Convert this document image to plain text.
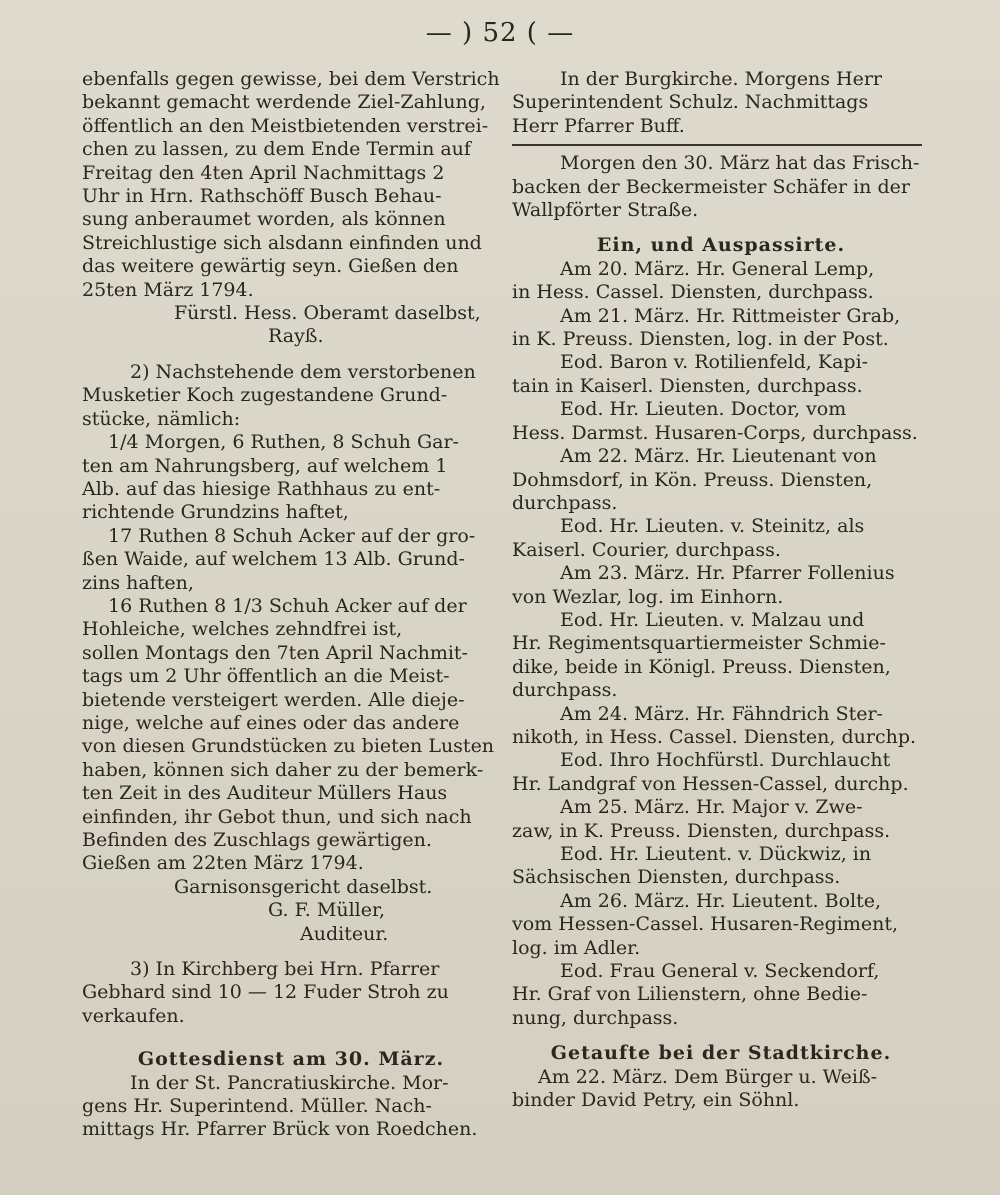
— ) 52 ( —

ebenfalls gegen gewisse, bei dem Verstrich

bekannt gemacht werdende Ziel-Zahlung,

öffentlich an den Meistbietenden verstrei-

chen zu lassen, zu dem Ende Termin auf

Freitag den 4ten April Nachmittags 2

Uhr in Hrn. Rathschöff Busch Behau-

sung anberaumet worden, als können

Streichlustige sich alsdann einfinden und

das weitere gewärtig seyn. Gießen den

25ten März 1794.

Fürstl. Hess. Oberamt daselbst,

Rayß.

2) Nachstehende dem verstorbenen

Musketier Koch zugestandene Grund-

stücke, nämlich:

1/4 Morgen, 6 Ruthen, 8 Schuh Gar-

ten am Nahrungsberg, auf welchem 1

Alb. auf das hiesige Rathhaus zu ent-

richtende Grundzins haftet,

17 Ruthen 8 Schuh Acker auf der gro-

ßen Waide, auf welchem 13 Alb. Grund-

zins haften,

16 Ruthen 8 1/3 Schuh Acker auf der

Hohleiche, welches zehndfrei ist,

sollen Montags den 7ten April Nachmit-

tags um 2 Uhr öffentlich an die Meist-

bietende versteigert werden. Alle dieje-

nige, welche auf eines oder das andere

von diesen Grundstücken zu bieten Lusten

haben, können sich daher zu der bemerk-

ten Zeit in des Auditeur Müllers Haus

einfinden, ihr Gebot thun, und sich nach

Befinden des Zuschlags gewärtigen.

Gießen am 22ten März 1794.

Garnisonsgericht daselbst.

G. F. Müller,

Auditeur.

3) In Kirchberg bei Hrn. Pfarrer

Gebhard sind 10 — 12 Fuder Stroh zu

verkaufen.

Gottesdienst am 30. März.

In der St. Pancratiuskirche. Mor-

gens Hr. Superintend. Müller. Nach-

mittags Hr. Pfarrer Brück von Roedchen.

In der Burgkirche. Morgens Herr

Superintendent Schulz. Nachmittags

Herr Pfarrer Buff.

Morgen den 30. März hat das Frisch-

backen der Beckermeister Schäfer in der

Wallpförter Straße.

Ein, und Auspassirte.

Am 20. März. Hr. General Lemp,

in Hess. Cassel. Diensten, durchpass.

Am 21. März. Hr. Rittmeister Grab,

in K. Preuss. Diensten, log. in der Post.

Eod. Baron v. Rotilienfeld, Kapi-

tain in Kaiserl. Diensten, durchpass.

Eod. Hr. Lieuten. Doctor, vom

Hess. Darmst. Husaren-Corps, durchpass.

Am 22. März. Hr. Lieutenant von

Dohmsdorf, in Kön. Preuss. Diensten,

durchpass.

Eod. Hr. Lieuten. v. Steinitz, als

Kaiserl. Courier, durchpass.

Am 23. März. Hr. Pfarrer Follenius

von Wezlar, log. im Einhorn.

Eod. Hr. Lieuten. v. Malzau und

Hr. Regimentsquartiermeister Schmie-

dike, beide in Königl. Preuss. Diensten,

durchpass.

Am 24. März. Hr. Fähndrich Ster-

nikoth, in Hess. Cassel. Diensten, durchp.

Eod. Ihro Hochfürstl. Durchlaucht

Hr. Landgraf von Hessen-Cassel, durchp.

Am 25. März. Hr. Major v. Zwe-

zaw, in K. Preuss. Diensten, durchpass.

Eod. Hr. Lieutent. v. Dückwiz, in

Sächsischen Diensten, durchpass.

Am 26. März. Hr. Lieutent. Bolte,

vom Hessen-Cassel. Husaren-Regiment,

log. im Adler.

Eod. Frau General v. Seckendorf,

Hr. Graf von Lilienstern, ohne Bedie-

nung, durchpass.

Getaufte bei der Stadtkirche.

Am 22. März. Dem Bürger u. Weiß-

binder David Petry, ein Söhnl.
